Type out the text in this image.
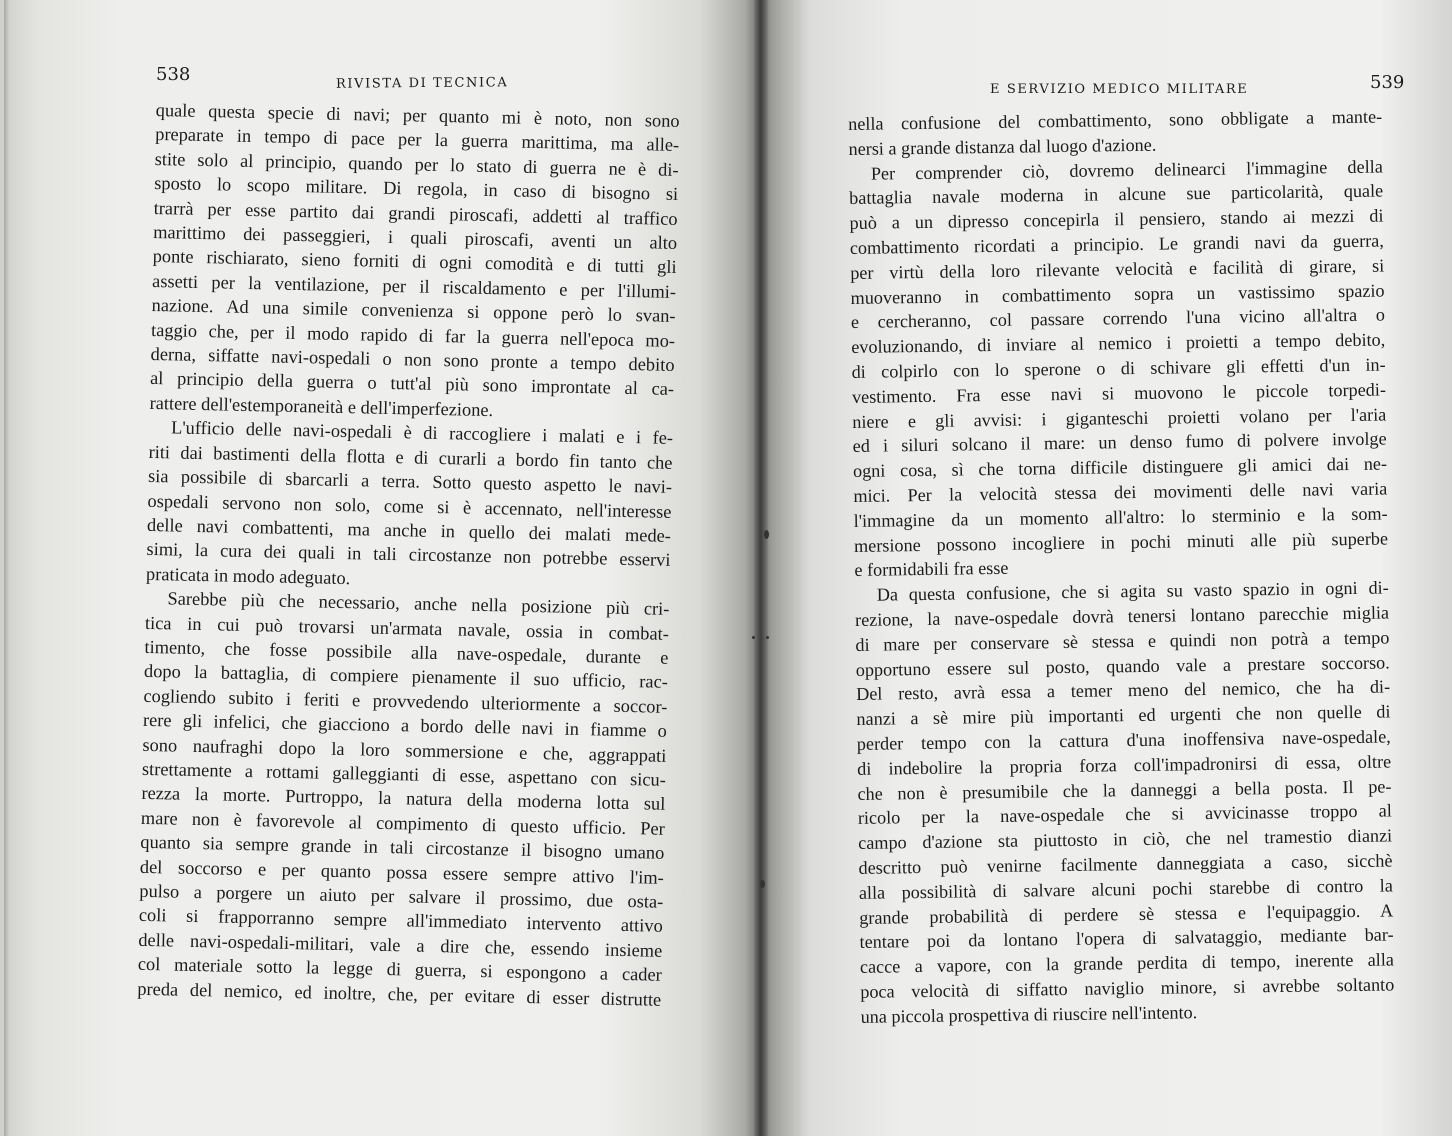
538	RIVISTA DI TECNICA
quale questa specie di navi; per quanto mi è noto, non sono
preparate in tempo di pace per la guerra marittima, ma alle-
stite solo al principio, quando per lo stato di guerra ne è di-
sposto lo scopo militare. Di regola, in caso di bisogno si
trarrà per esse partito dai grandi piroscafi, addetti al traffico
marittimo dei passeggieri, i quali piroscafi, aventi un alto
ponte rischiarato, sieno forniti di ogni comodità e di tutti gli
assetti per la ventilazione, per il riscaldamento e per l'illumi-
nazione. Ad una simile convenienza si oppone però lo svan-
taggio che, per il modo rapido di far la guerra nell'epoca mo-
derna, siffatte navi-ospedali o non sono pronte a tempo debito
al principio della guerra o tutt'al più sono improntate al ca-
rattere dell'estemporaneità e dell'imperfezione.
L'ufficio delle navi-ospedali è di raccogliere i malati e i fe-
riti dai bastimenti della flotta e di curarli a bordo fin tanto che
sia possibile di sbarcarli a terra. Sotto questo aspetto le navi-
ospedali servono non solo, come si è accennato, nell'interesse
delle navi combattenti, ma anche in quello dei malati mede-
simi, la cura dei quali in tali circostanze non potrebbe esservi
praticata in modo adeguato.
Sarebbe più che necessario, anche nella posizione più cri-
tica in cui può trovarsi un'armata navale, ossia in combat-
timento, che fosse possibile alla nave-ospedale, durante e
dopo la battaglia, di compiere pienamente il suo ufficio, rac-
cogliendo subito i feriti e provvedendo ulteriormente a soccor-
rere gli infelici, che giacciono a bordo delle navi in fiamme o
sono naufraghi dopo la loro sommersione e che, aggrappati
strettamente a rottami galleggianti di esse, aspettano con sicu-
rezza la morte. Purtroppo, la natura della moderna lotta sul
mare non è favorevole al compimento di questo ufficio. Per
quanto sia sempre grande in tali circostanze il bisogno umano
del soccorso e per quanto possa essere sempre attivo l'im-
pulso a porgere un aiuto per salvare il prossimo, due osta-
coli si frapporranno sempre all'immediato intervento attivo
delle navi-ospedali-militari, vale a dire che, essendo insieme
col materiale sotto la legge di guerra, si espongono a cader
preda del nemico, ed inoltre, che, per evitare di esser distrutte
E SERVIZIO MEDICO MILITARE	539
nella confusione del combattimento, sono obbligate a mante-
nersi a grande distanza dal luogo d'azione.
Per comprender ciò, dovremo delinearci l'immagine della
battaglia navale moderna in alcune sue particolarità, quale
può a un dipresso concepirla il pensiero, stando ai mezzi di
combattimento ricordati a principio. Le grandi navi da guerra,
per virtù della loro rilevante velocità e facilità di girare, si
muoveranno in combattimento sopra un vastissimo spazio
e cercheranno, col passare correndo l'una vicino all'altra o
evoluzionando, di inviare al nemico i proietti a tempo debito,
di colpirlo con lo sperone o di schivare gli effetti d'un in-
vestimento. Fra esse navi si muovono le piccole torpedi-
niere e gli avvisi: i giganteschi proietti volano per l'aria
ed i siluri solcano il mare: un denso fumo di polvere involge
ogni cosa, sì che torna difficile distinguere gli amici dai ne-
mici. Per la velocità stessa dei movimenti delle navi varia
l'immagine da un momento all'altro: lo sterminio e la som-
mersione possono incogliere in pochi minuti alle più superbe
e formidabili fra esse
Da questa confusione, che si agita su vasto spazio in ogni di-
rezione, la nave-ospedale dovrà tenersi lontano parecchie miglia
di mare per conservare sè stessa e quindi non potrà a tempo
opportuno essere sul posto, quando vale a prestare soccorso.
Del resto, avrà essa a temer meno del nemico, che ha di-
nanzi a sè mire più importanti ed urgenti che non quelle di
perder tempo con la cattura d'una inoffensiva nave-ospedale,
di indebolire la propria forza coll'impadronirsi di essa, oltre
che non è presumibile che la danneggi a bella posta. Il pe-
ricolo per la nave-ospedale che si avvicinasse troppo al
campo d'azione sta piuttosto in ciò, che nel tramestio dianzi
descritto può venirne facilmente danneggiata a caso, sicchè
alla possibilità di salvare alcuni pochi starebbe di contro la
grande probabilità di perdere sè stessa e l'equipaggio. A
tentare poi da lontano l'opera di salvataggio, mediante bar-
cacce a vapore, con la grande perdita di tempo, inerente alla
poca velocità di siffatto naviglio minore, si avrebbe soltanto
una piccola prospettiva di riuscire nell'intento.
